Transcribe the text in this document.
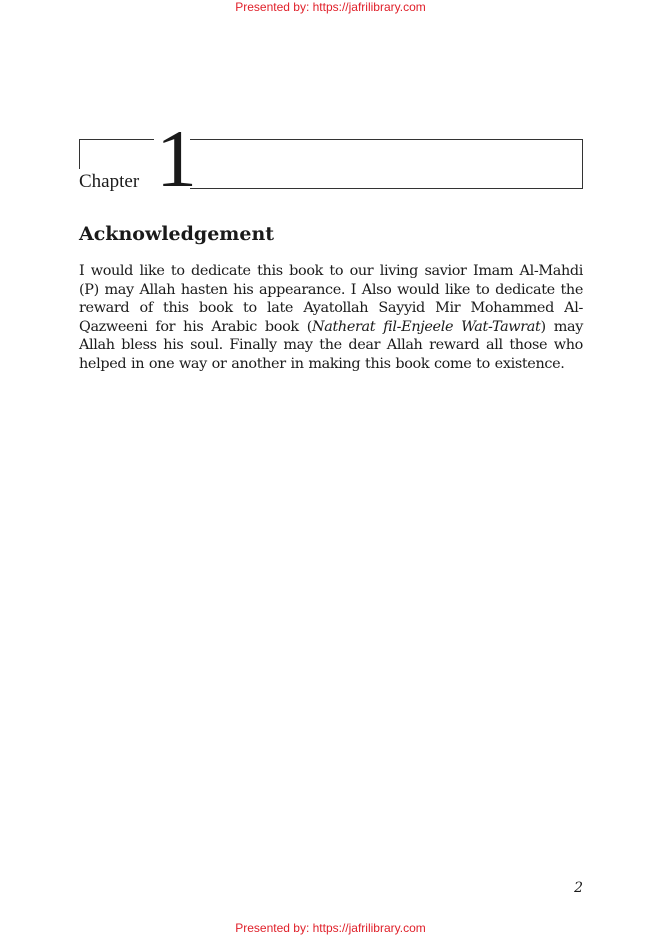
Presented by: https://jafrilibrary.com
Chapter 1
Acknowledgement

I would like to dedicate this book to our living savior Imam Al-Mahdi (P) may Allah hasten his appearance. I Also would like to dedicate the reward of this book to late Ayatollah Sayyid Mir Mohammed Al-Qazweeni for his Arabic book (Natherat fil-Enjeele Wat-Tawrat) may Allah bless his soul. Finally may the dear Allah reward all those who helped in one way or another in making this book come to existence.

2
Presented by: https://jafrilibrary.com
